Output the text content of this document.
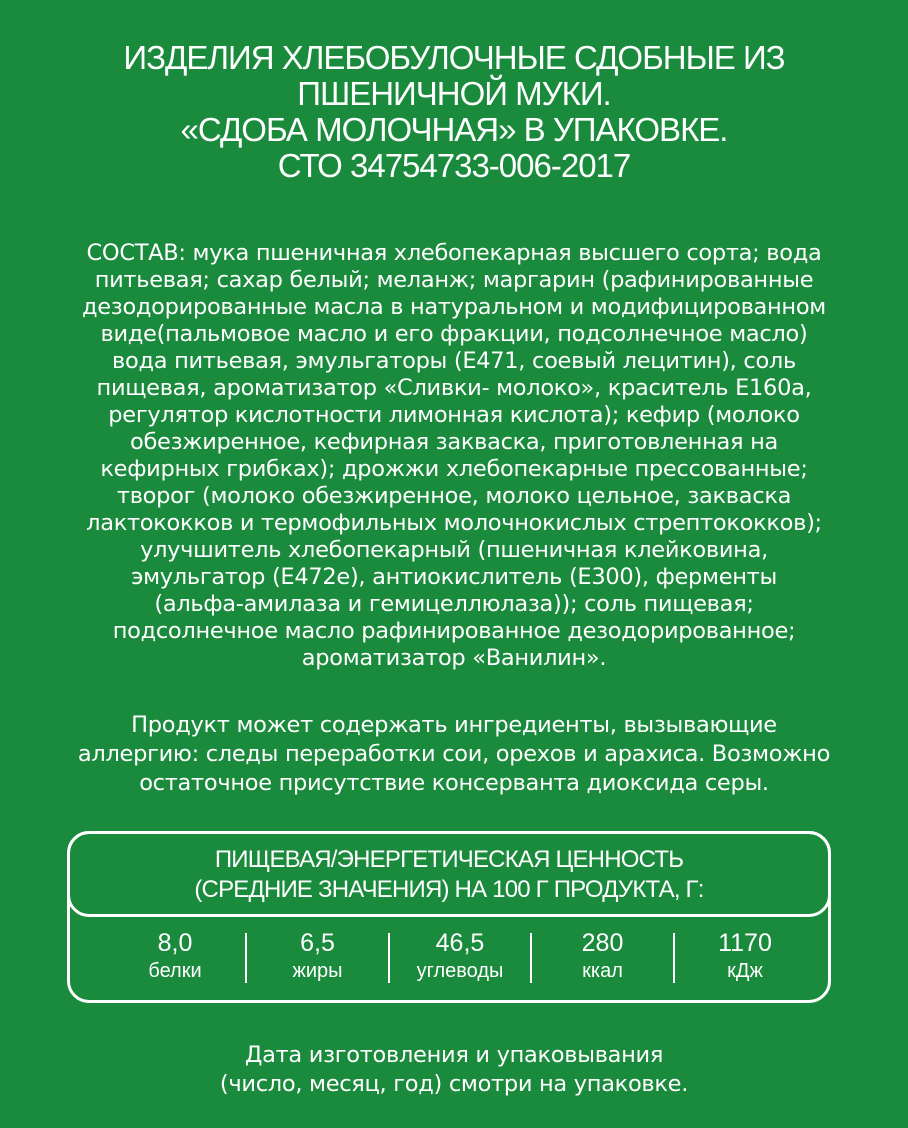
ИЗДЕЛИЯ ХЛЕБОБУЛОЧНЫЕ СДОБНЫЕ ИЗ
ПШЕНИЧНОЙ МУКИ.
«СДОБА МОЛОЧНАЯ» В УПАКОВКЕ.
СТО 34754733-006-2017
СОСТАВ: мука пшеничная хлебопекарная высшего сорта; вода
питьевая; сахар белый; меланж; маргарин (рафинированные
дезодорированные масла в натуральном и модифицированном
виде(пальмовое масло и его фракции, подсолнечное масло)
вода питьевая, эмульгаторы (Е471, соевый лецитин), соль
пищевая, ароматизатор «Сливки- молоко», краситель Е160а,
регулятор кислотности лимонная кислота); кефир (молоко
обезжиренное, кефирная закваска, приготовленная на
кефирных грибках); дрожжи хлебопекарные прессованные;
творог (молоко обезжиренное, молоко цельное, закваска
лактококков и термофильных молочнокислых стрептококков);
улучшитель хлебопекарный (пшеничная клейковина,
эмульгатор (Е472е), антиокислитель (Е300), ферменты
(альфа-амилаза и гемицеллюлаза)); соль пищевая;
подсолнечное масло рафинированное дезодорированное;
ароматизатор «Ванилин».
Продукт может содержать ингредиенты, вызывающие
аллергию: следы переработки сои, орехов и арахиса. Возможно
остаточное присутствие консерванта диоксида серы.
ПИЩЕВАЯ/ЭНЕРГЕТИЧЕСКАЯ ЦЕННОСТЬ
(СРЕДНИЕ ЗНАЧЕНИЯ) НА 100 Г ПРОДУКТА, Г:
8,0
белки
6,5
жиры
46,5
углеводы
280
ккал
1170
кДж
Дата изготовления и упаковывания
(число, месяц, год) смотри на упаковке.
